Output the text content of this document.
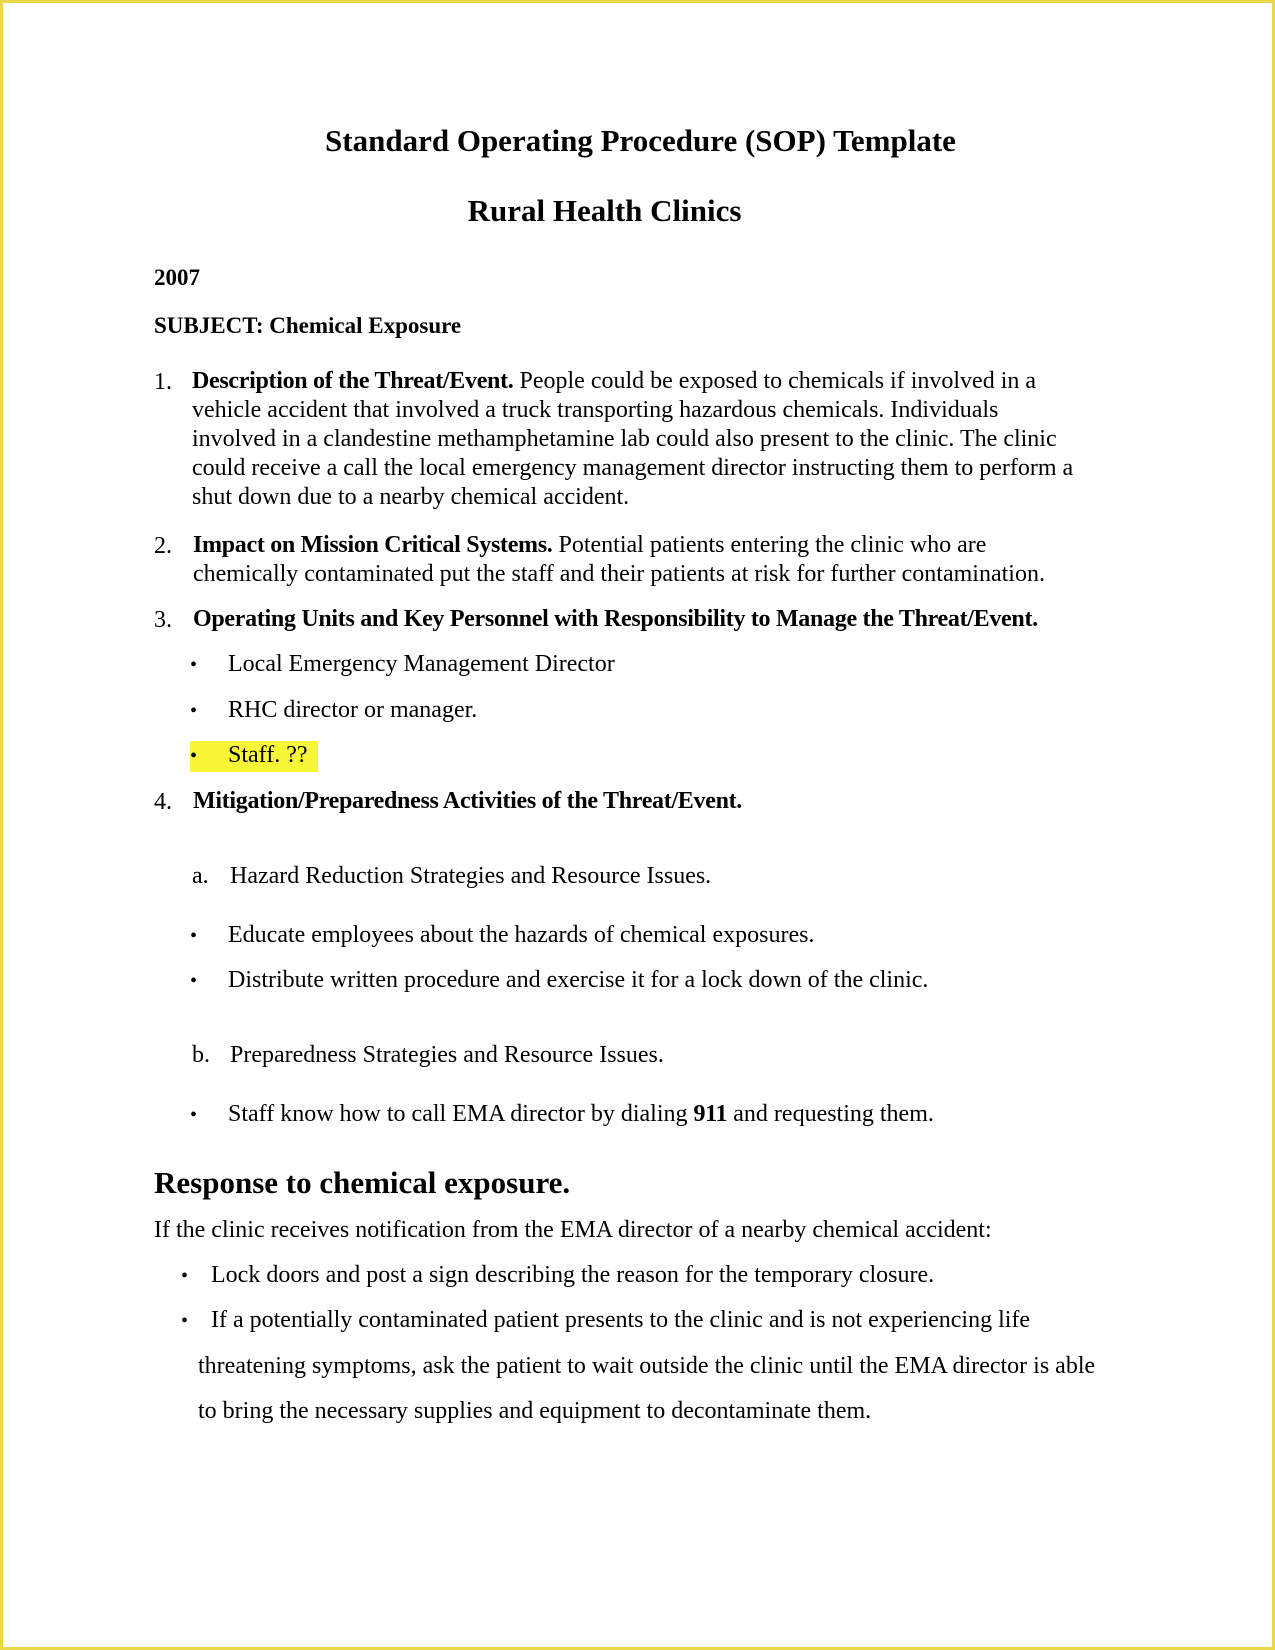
Standard Operating Procedure (SOP) Template
Rural Health Clinics
2007
SUBJECT: Chemical Exposure
1. Description of the Threat/Event. People could be exposed to chemicals if involved in a
vehicle accident that involved a truck transporting hazardous chemicals. Individuals
involved in a clandestine methamphetamine lab could also present to the clinic. The clinic
could receive a call the local emergency management director instructing them to perform a
shut down due to a nearby chemical accident.
2. Impact on Mission Critical Systems. Potential patients entering the clinic who are
chemically contaminated put the staff and their patients at risk for further contamination.
3. Operating Units and Key Personnel with Responsibility to Manage the Threat/Event.
• Local Emergency Management Director
• RHC director or manager.
• Staff. ??
4. Mitigation/Preparedness Activities of the Threat/Event.
a. Hazard Reduction Strategies and Resource Issues.
• Educate employees about the hazards of chemical exposures.
• Distribute written procedure and exercise it for a lock down of the clinic.
b. Preparedness Strategies and Resource Issues.
• Staff know how to call EMA director by dialing 911 and requesting them.
Response to chemical exposure.
If the clinic receives notification from the EMA director of a nearby chemical accident:
• Lock doors and post a sign describing the reason for the temporary closure.
• If a potentially contaminated patient presents to the clinic and is not experiencing life
threatening symptoms, ask the patient to wait outside the clinic until the EMA director is able
to bring the necessary supplies and equipment to decontaminate them.
